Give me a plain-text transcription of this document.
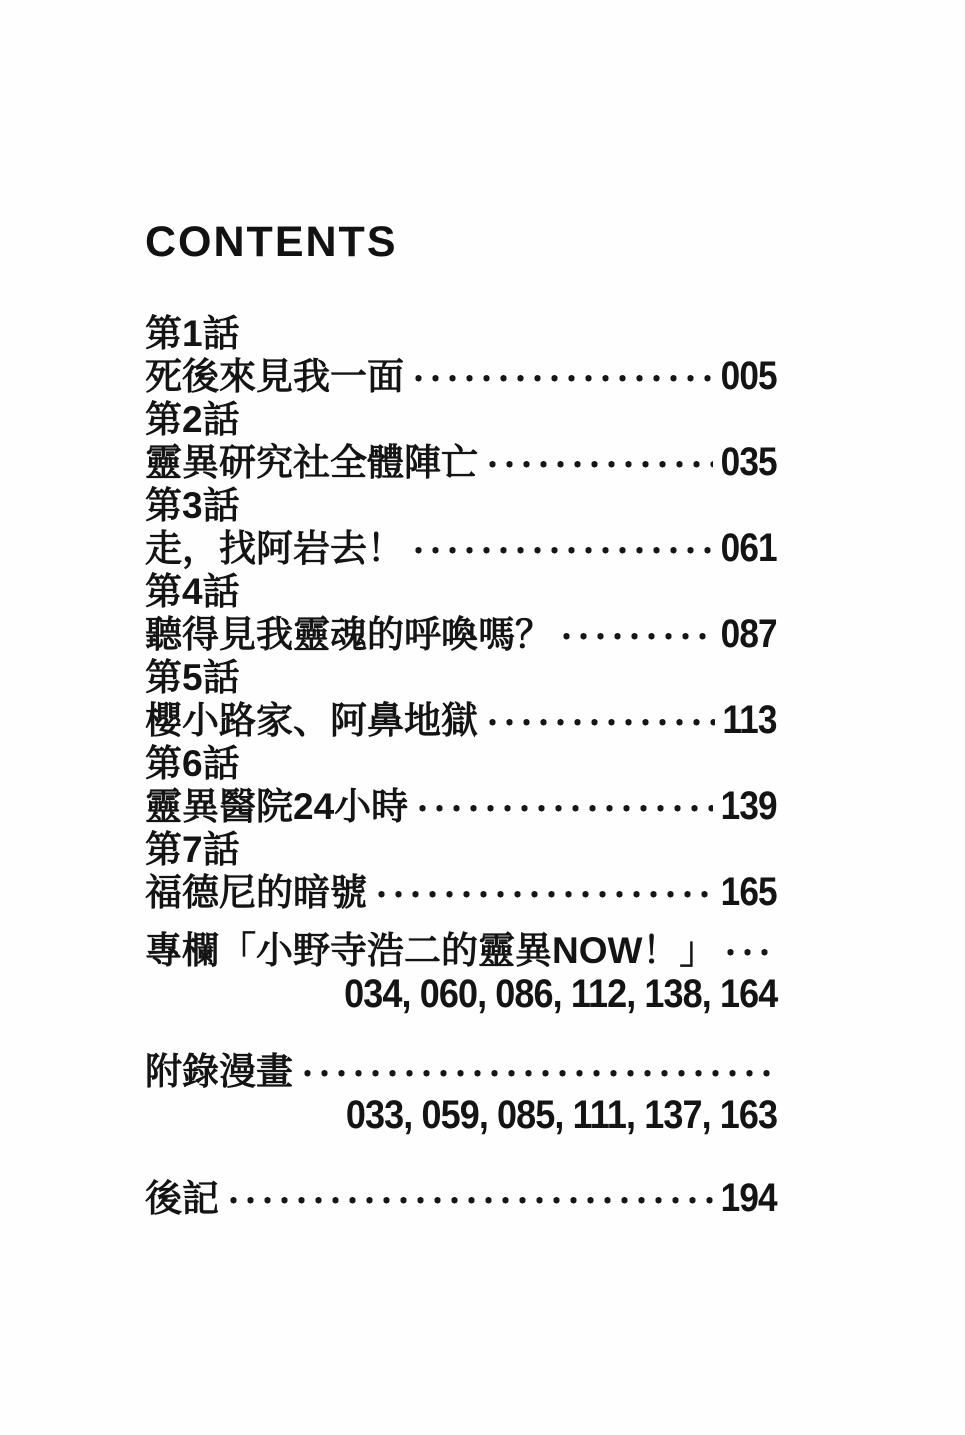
CONTENTS
第1話
死後來見我一面	005
第2話
靈異研究社全體陣亡	035
第3話
走，找阿岩去！	061
第4話
聽得見我靈魂的呼喚嗎？	087
第5話
櫻小路家、阿鼻地獄	113
第6話
靈異醫院24小時	139
第7話
福德尼的暗號	165
專欄「小野寺浩二的靈異NOW！」
034, 060, 086, 112, 138, 164
附錄漫畫
033, 059, 085, 111, 137, 163
後記	194
